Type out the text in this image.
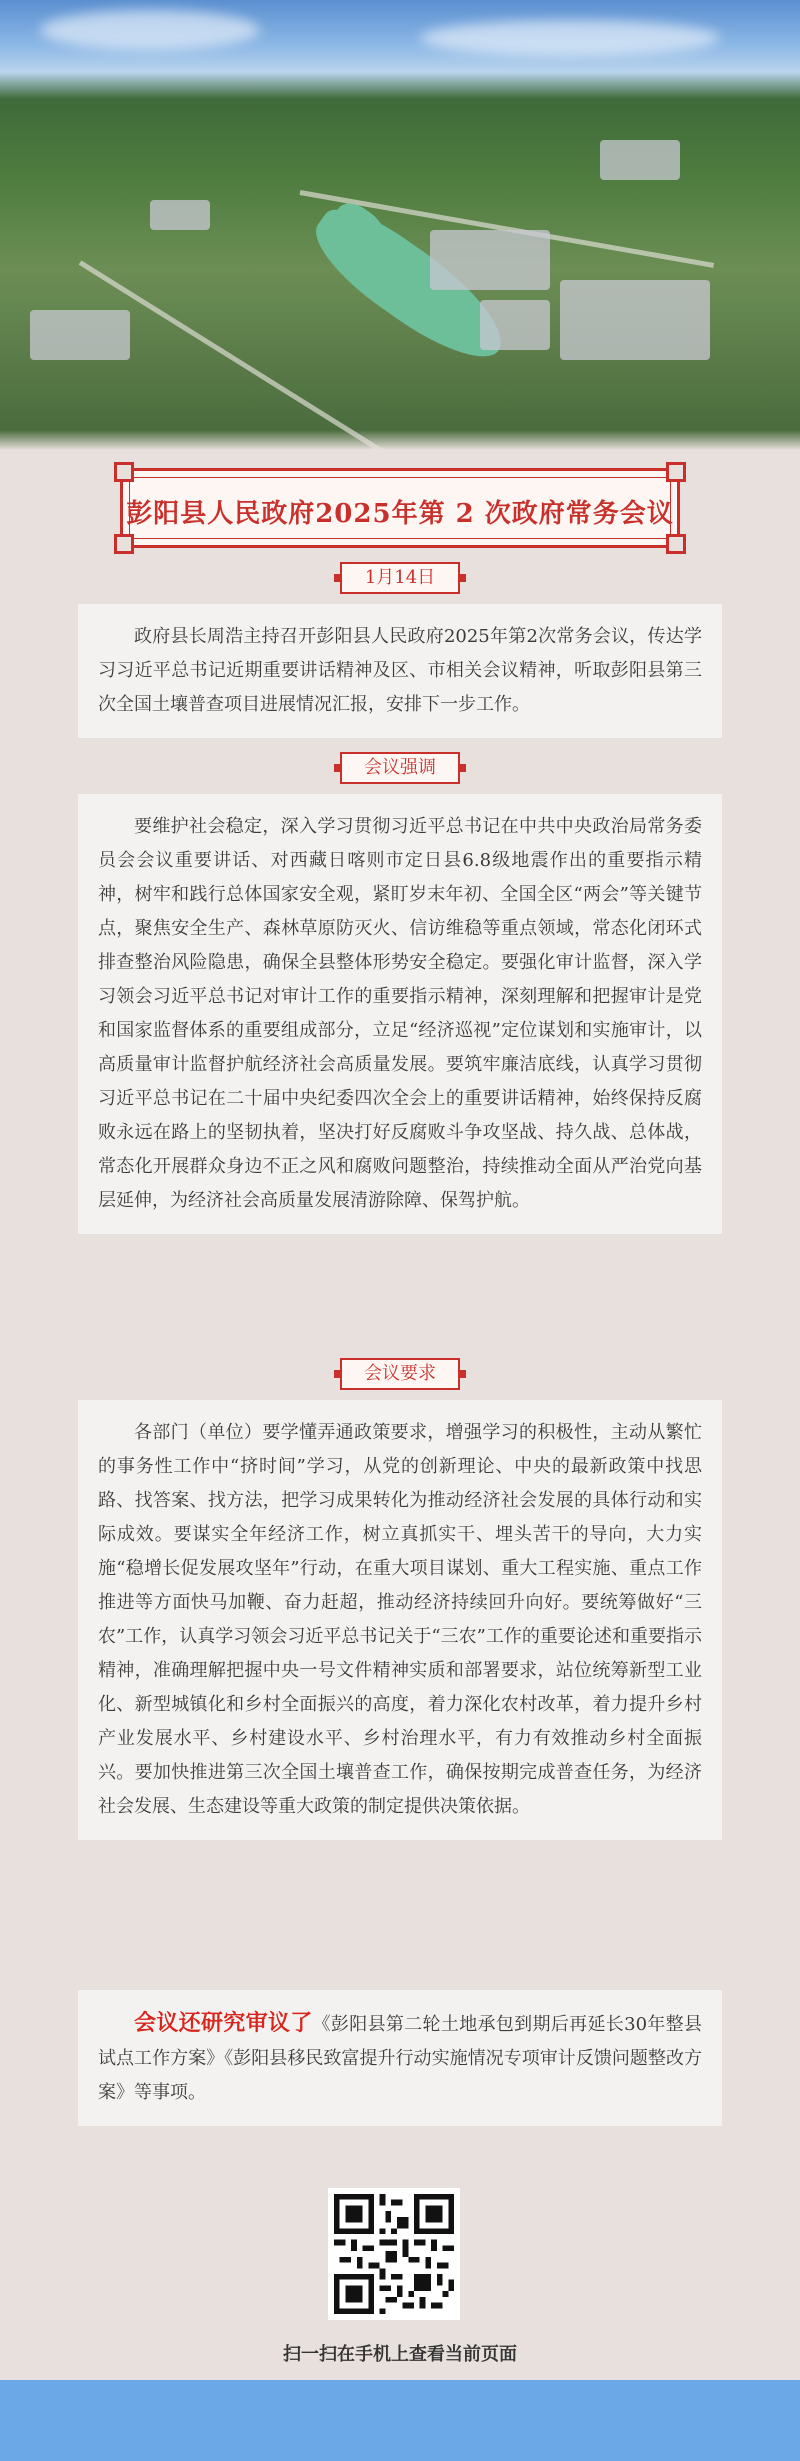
彭阳县人民政府2025年第 2 次政府常务会议
1月14日
政府县长周浩主持召开彭阳县人民政府2025年第2次常务会议，传达学习习近平总书记近期重要讲话精神及区、市相关会议精神，听取彭阳县第三次全国土壤普查项目进展情况汇报，安排下一步工作。
会议强调
要维护社会稳定，深入学习贯彻习近平总书记在中共中央政治局常务委员会会议重要讲话、对西藏日喀则市定日县6.8级地震作出的重要指示精神，树牢和践行总体国家安全观，紧盯岁末年初、全国全区“两会”等关键节点，聚焦安全生产、森林草原防灭火、信访维稳等重点领域，常态化闭环式排查整治风险隐患，确保全县整体形势安全稳定。要强化审计监督，深入学习领会习近平总书记对审计工作的重要指示精神，深刻理解和把握审计是党和国家监督体系的重要组成部分，立足“经济巡视”定位谋划和实施审计，以高质量审计监督护航经济社会高质量发展。要筑牢廉洁底线，认真学习贯彻习近平总书记在二十届中央纪委四次全会上的重要讲话精神，始终保持反腐败永远在路上的坚韧执着，坚决打好反腐败斗争攻坚战、持久战、总体战，常态化开展群众身边不正之风和腐败问题整治，持续推动全面从严治党向基层延伸，为经济社会高质量发展清游除障、保驾护航。
会议要求
各部门（单位）要学懂弄通政策要求，增强学习的积极性，主动从繁忙的事务性工作中“挤时间”学习，从党的创新理论、中央的最新政策中找思路、找答案、找方法，把学习成果转化为推动经济社会发展的具体行动和实际成效。要谋实全年经济工作，树立真抓实干、埋头苦干的导向，大力实施“稳增长促发展攻坚年”行动，在重大项目谋划、重大工程实施、重点工作推进等方面快马加鞭、奋力赶超，推动经济持续回升向好。要统筹做好“三农”工作，认真学习领会习近平总书记关于“三农”工作的重要论述和重要指示精神，准确理解把握中央一号文件精神实质和部署要求，站位统筹新型工业化、新型城镇化和乡村全面振兴的高度，着力深化农村改革，着力提升乡村产业发展水平、乡村建设水平、乡村治理水平，有力有效推动乡村全面振兴。要加快推进第三次全国土壤普查工作，确保按期完成普查任务，为经济社会发展、生态建设等重大政策的制定提供决策依据。
会议还研究审议了《彭阳县第二轮土地承包到期后再延长30年整县试点工作方案》《彭阳县移民致富提升行动实施情况专项审计反馈问题整改方案》等事项。
扫一扫在手机上查看当前页面
